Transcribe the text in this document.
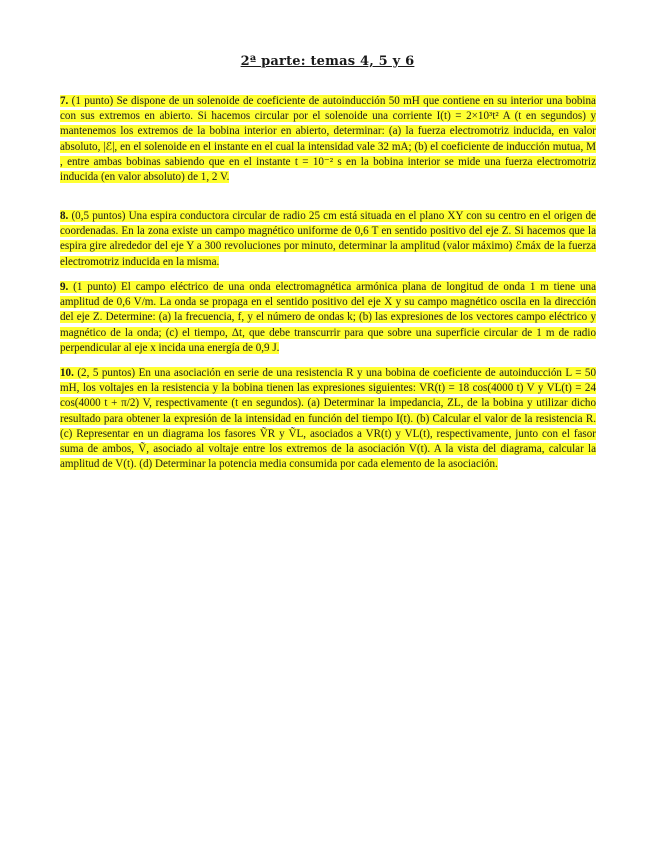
2ª parte: temas 4, 5 y 6
7. (1 punto) Se dispone de un solenoide de coeficiente de autoinducción 50 mH que contiene en su interior una bobina con sus extremos en abierto. Si hacemos circular por el solenoide una corriente I(t) = 2×10³t² A (t en segundos) y mantenemos los extremos de la bobina interior en abierto, determinar: (a) la fuerza electromotriz inducida, en valor absoluto, |ℰ|, en el solenoide en el instante en el cual la intensidad vale 32 mA; (b) el coeficiente de inducción mutua, M , entre ambas bobinas sabiendo que en el instante t = 10⁻² s en la bobina interior se mide una fuerza electromotriz inducida (en valor absoluto) de 1, 2 V.
8. (0,5 puntos) Una espira conductora circular de radio 25 cm está situada en el plano XY con su centro en el origen de coordenadas. En la zona existe un campo magnético uniforme de 0,6 T en sentido positivo del eje Z. Si hacemos que la espira gire alrededor del eje Y a 300 revoluciones por minuto, determinar la amplitud (valor máximo) ℰmáx de la fuerza electromotriz inducida en la misma.
9. (1 punto) El campo eléctrico de una onda electromagnética armónica plana de longitud de onda 1 m tiene una amplitud de 0,6 V/m. La onda se propaga en el sentido positivo del eje X y su campo magnético oscila en la dirección del eje Z. Determine: (a) la frecuencia, f, y el número de ondas k; (b) las expresiones de los vectores campo eléctrico y magnético de la onda; (c) el tiempo, Δt, que debe transcurrir para que sobre una superficie circular de 1 m de radio perpendicular al eje x incida una energía de 0,9 J.
10. (2, 5 puntos) En una asociación en serie de una resistencia R y una bobina de coeficiente de autoinducción L = 50 mH, los voltajes en la resistencia y la bobina tienen las expresiones siguientes: VR(t) = 18 cos(4000 t) V y VL(t) = 24 cos(4000 t + π/2) V, respectivamente (t en segundos). (a) Determinar la impedancia, ZL, de la bobina y utilizar dicho resultado para obtener la expresión de la intensidad en función del tiempo I(t). (b) Calcular el valor de la resistencia R. (c) Representar en un diagrama los fasores ṼR y ṼL, asociados a VR(t) y VL(t), respectivamente, junto con el fasor suma de ambos, Ṽ, asociado al voltaje entre los extremos de la asociación V(t). A la vista del diagrama, calcular la amplitud de V(t). (d) Determinar la potencia media consumida por cada elemento de la asociación.
